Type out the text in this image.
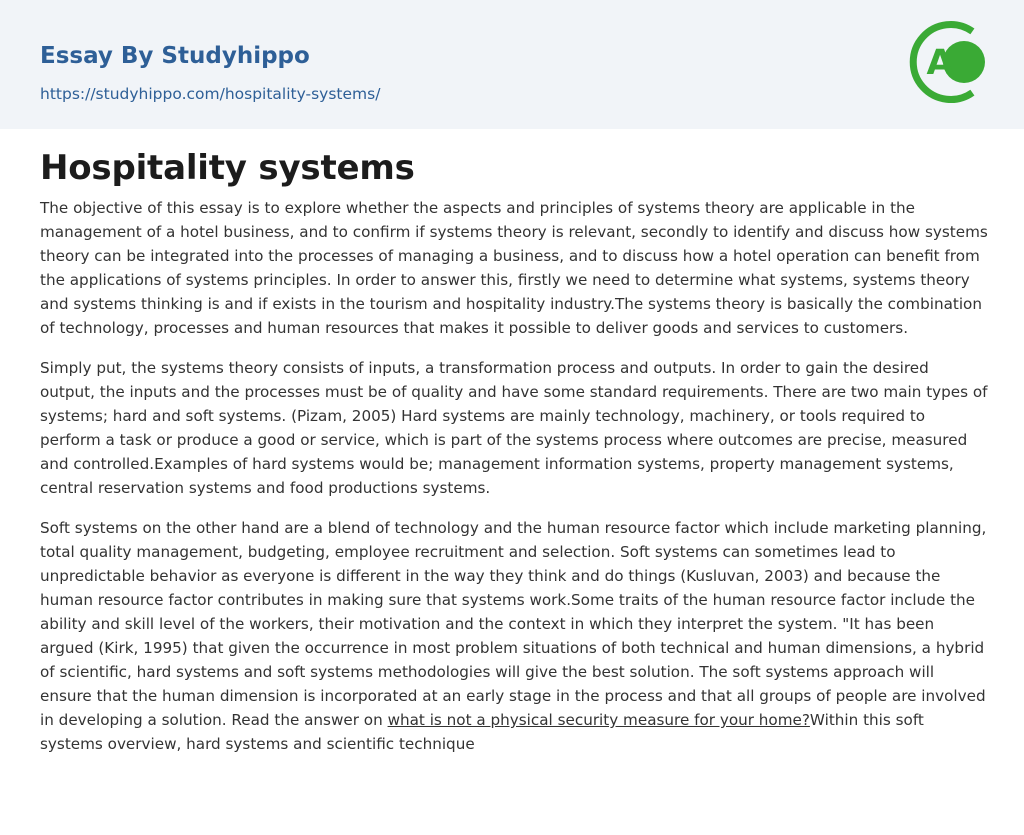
Essay By Studyhippo
https://studyhippo.com/hospitality-systems/
A
Hospitality systems

The objective of this essay is to explore whether the aspects and principles of systems theory are applicable in the management of a hotel business, and to confirm if systems theory is relevant, secondly to identify and discuss how systems theory can be integrated into the processes of managing a business, and to discuss how a hotel operation can benefit from the applications of systems principles. In order to answer this, firstly we need to determine what systems, systems theory and systems thinking is and if exists in the tourism and hospitality industry.The systems theory is basically the combination of technology, processes and human resources that makes it possible to deliver goods and services to customers.

Simply put, the systems theory consists of inputs, a transformation process and outputs. In order to gain the desired output, the inputs and the processes must be of quality and have some standard requirements. There are two main types of systems; hard and soft systems. (Pizam, 2005) Hard systems are mainly technology, machinery, or tools required to perform a task or produce a good or service, which is part of the systems process where outcomes are precise, measured and controlled.Examples of hard systems would be; management information systems, property management systems, central reservation systems and food productions systems.

Soft systems on the other hand are a blend of technology and the human resource factor which include marketing planning, total quality management, budgeting, employee recruitment and selection. Soft systems can sometimes lead to unpredictable behavior as everyone is different in the way they think and do things (Kusluvan, 2003) and because the human resource factor contributes in making sure that systems work.Some traits of the human resource factor include the ability and skill level of the workers, their motivation and the context in which they interpret the system. "It has been argued (Kirk, 1995) that given the occurrence in most problem situations of both technical and human dimensions, a hybrid of scientific, hard systems and soft systems methodologies will give the best solution. The soft systems approach will ensure that the human dimension is incorporated at an early stage in the process and that all groups of people are involved in developing a solution. Read the answer on what is not a physical security measure for your home?Within this soft systems overview, hard systems and scientific technique
